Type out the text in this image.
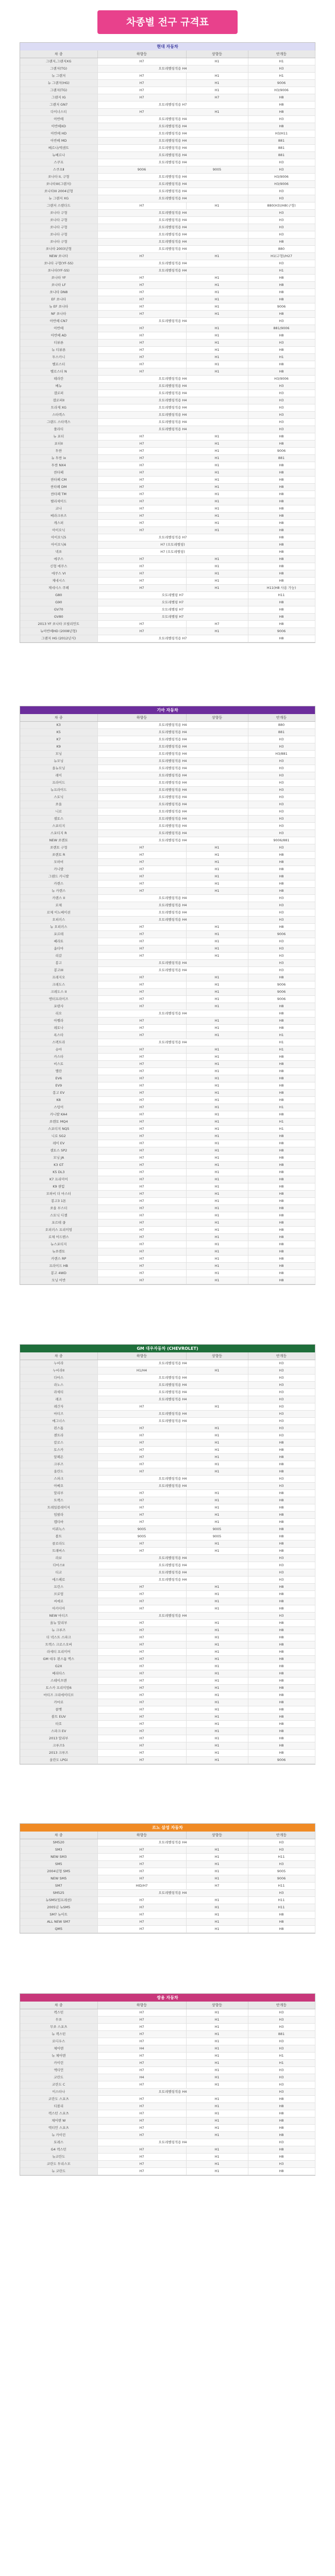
차종별 전구 규격표
현대 자동차
차 종	하향등	상향등	안개등
그랜저,그랜저XG	H7	H1	H1
그랜저(TG)	오토레벨링적용 H4		H3
뉴 그랜저	H7	H1	H1
뉴 그랜저(HG)	H7	H1	9006
그랜저(TG)	H7	H1	H3/9006
그랜저 IG	H7	H7	H8
그랜저 GN7	오토레벨링적용 H7		H8
다이너스티	H7	H1	H8
아반떼	오토레벨링적용 H4		H3
아반떼XD	오토레벨링적용 H4		H8
아반떼 HD	오토레벨링적용 H4		H3/H11
아반떼 MD	오토레벨링적용 H4		881
베르나/엑센트	오토레벨링적용 H4		881
뉴베르나	오토레벨링적용 H4		881
스쿠프	오토레벨링적용 H4		H3
스쿠프Ⅱ	9006	9005	H3
쏘나타 II, 구형	오토레벨링적용 H4		H3/9006
쏘나타III(그랜저)	오토레벨링적용 H4		H3/9006
쏘나타III 2004년형	오토레벨링적용 H4		H3
뉴 그랜저 XG	오토레벨링적용 H4		H3
그랜저 스탠다드	H7	H1	880(H3)/H8(구형)
쏘나타 구형	오토레벨링적용 H4		H3
쏘나타 구형	오토레벨링적용 H4		H3
쏘나타 구형	오토레벨링적용 H4		H3
쏘나타 구형	오토레벨링적용 H4		H3
쏘나타 구형	오토레벨링적용 H4		H8
쏘나타 2003년형	오토레벨링적용 H4		880
NEW 쏘나타	H7	H1	H1(구형)/H27
쏘나타 구형(YF-SS)	오토레벨링적용 H4		H3
쏘나타(YF-SS)	오토레벨링적용 H4		H1
쏘나타 YF	H7	H1	H8
쏘나타 LF	H7	H1	H8
쏘나타 DN8	H7	H1	H8
EF 쏘나타	H7	H1	H8
뉴 EF 쏘나타	H7	H1	9006
NF 쏘나타	H7	H1	H8
아반떼 CN7	오토레벨링적용 H4		H3
아반떼	H7	H1	881/9006
아반떼 AD	H7	H1	H8
티뷰론	H7	H1	H3
뉴 티뷰론	H7	H1	H8
투스카니	H7	H1	H1
벨로스터	H7	H1	H8
벨로스터 N	H7	H1	H8
테라칸	오토레벨링적용 H4		H3/9006
베뉴	오토레벨링적용 H4		H3
갤로퍼	오토레벨링적용 H4		H3
갤로퍼II	오토레벨링적용 H4		H3
트라제 XG	오토레벨링적용 H4		H3
스타렉스	오토레벨링적용 H4		H3
그랜드 스타렉스	오토레벨링적용 H4		H3
쏠라티	오토레벨링적용 H4		H3
뉴 포터	H7	H1	H8
포터II	H7	H1	H8
투싼	H7	H1	9006
뉴 투싼 ix	H7	H1	881
투싼 NX4	H7	H1	H8
싼타페	H7	H1	H8
싼타페 CM	H7	H1	H8
싼타페 DM	H7	H1	H8
싼타페 TM	H7	H1	H8
팰리세이드	H7	H1	H8
코나	H7	H1	H8
베라크루즈	H7	H1	H8
캐스퍼	H7	H1	H8
아이오닉	H7	H1	H8
아이오닉5	오토레벨링적용 H7		H8
아이오닉6	H7 (오토레벨링)		H8
넥쏘	H7 (오토레벨링)		H8
에쿠스	H7	H1	H8
신형 에쿠스	H7	H1	H8
에쿠스 VI	H7	H1	H8
제네시스	H7	H1	H8
제네시스 쿠페	H7	H1	H11(H8 사용 가능)
G80	오토레벨링 H7		H11
G90	오토레벨링 H7		H8
GV70	오토레벨링 H7		H8
GV80	오토레벨링 H7		H8
2013 YF 쏘나타 브릴리언트	H7	H7	H8
뉴아반떼HD (2008년형)	H7	H1	9006
그랜저 HG (2012년식)	오토레벨링적용 H7		H8
기아 자동차
차 종	하향등	상향등	안개등
K3	오토레벨링적용 H4		880
K5	오토레벨링적용 H4		881
K7	오토레벨링적용 H4		H3
K9	오토레벨링적용 H4		H3
모닝	오토레벨링적용 H4		H3/881
뉴모닝	오토레벨링적용 H4		H3
올뉴모닝	오토레벨링적용 H4		H3
레이	오토레벨링적용 H4		H3
프라이드	오토레벨링적용 H4		H3
뉴프라이드	오토레벨링적용 H4		H3
스토닉	오토레벨링적용 H4		H3
쏘울	오토레벨링적용 H4		H3
니로	오토레벨링적용 H4		H3
셀토스	오토레벨링적용 H4		H3
스포티지	오토레벨링적용 H4		H3
스포티지 R	오토레벨링적용 H4		H3
NEW 쏘렌토	오토레벨링적용 H4		9006/881
쏘렌토 구형	H7	H1	H3
쏘렌토 R	H7	H1	H8
모하비	H7	H1	H8
카니발	H7	H1	H8
그랜드 카니발	H7	H1	H8
카렌스	H7	H1	H8
뉴 카렌스	H7	H1	H8
카렌스 II	오토레벨링적용 H4		H3
로체	오토레벨링적용 H4		H3
로체 이노베이션	오토레벨링적용 H4		H3
오피러스	오토레벨링적용 H4		H3
뉴 오피러스	H7	H1	H8
포르테	H7	H1	9006
쎄라토	H7	H1	H3
옵티마	H7	H1	H3
리갈	H7	H1	H3
봉고	오토레벨링적용 H4		H3
봉고III	오토레벨링적용 H4		H3
프레지오	H7	H1	H8
크레도스	H7	H1	9006
크레도스 II	H7	H1	9006
엔터프라이즈	H7	H1	9006
포텐샤	H7	H1	H8
리오	오토레벨링적용 H4		H8
아벨라	H7	H1	H8
레토나	H7	H1	H8
록스타	H7	H1	H1
스펙트라	오토레벨링적용 H4		H1
슈마	H7	H1	H1
카스타	H7	H1	H8
비스토	H7	H1	H8
엘란	H7	H1	H8
EV6	H7	H1	H8
EV9	H7	H1	H8
봉고 EV	H7	H1	H8
K8	H7	H1	H8
스팅어	H7	H1	H1
카니발 KA4	H7	H1	H8
쏘렌토 MQ4	H7	H1	H1
스포티지 NQ5	H7	H1	H1
니로 SG2	H7	H1	H8
레이 EV	H7	H1	H8
셀토스 SP2	H7	H1	H8
모닝 JA	H7	H1	H8
K3 GT	H7	H1	H8
K5 DL3	H7	H1	H8
K7 프리미어	H7	H1	H8
K9 퀀텀	H7	H1	H8
모하비 더 마스터	H7	H1	H8
봉고3 1톤	H7	H1	H8
쏘울 부스터	H7	H1	H8
스토닉 디젤	H7	H1	H8
포르테 쿱	H7	H1	H8
오피러스 프리미엄	H7	H1	H8
로체 어드밴스	H7	H1	H8
뉴스포티지	H7	H1	H8
뉴쏘렌토	H7	H1	H8
카렌스 RP	H7	H1	H8
프라이드 HB	H7	H1	H8
봉고 4WD	H7	H1	H8
모닝 어반	H7	H1	H8
GM 대우자동차 (CHEVROLET)
차 종	하향등	상향등	안개등
누비라	오토레벨링적용 H4		H3
누비라II	H1/H4	H1	H3
다마스	오토레벨링적용 H4		H3
라노스	오토레벨링적용 H4		H3
라세티	오토레벨링적용 H4		H3
레조	오토레벨링적용 H4		H3
레간자	H7	H1	H3
마티즈	오토레벨링적용 H4		H3
매그너스	오토레벨링적용 H4		H3
윈스톰	H7	H1	H3
젠트라	H7	H1	H3
칼로스	H7	H1	H8
토스카	H7	H1	H8
알페온	H7	H1	H8
크루즈	H7	H1	H8
올란도	H7	H1	H8
스파크	오토레벨링적용 H4		H3
아베오	오토레벨링적용 H4		H3
말리부	H7	H1	H8
트랙스	H7	H1	H8
트레일블레이저	H7	H1	H8
임팔라	H7	H1	H8
캡티바	H7	H1	H8
이쿼녹스	9005	9005	H8
볼트	9005	9005	H8
콜로라도	H7	H1	H8
트래버스	H7	H1	H8
라보	오토레벨링적용 H4		H3
다마스II	오토레벨링적용 H4		H3
티코	오토레벨링적용 H4		H3
에스페로	오토레벨링적용 H4		H3
프린스	H7	H1	H8
브로엄	H7	H1	H8
씨에로	H7	H1	H8
아카디아	H7	H1	H8
NEW 마티즈	오토레벨링적용 H4		H3
올뉴 말리부	H7	H1	H8
뉴 크루즈	H7	H1	H8
더 넥스트 스파크	H7	H1	H8
트랙스 크로스오버	H7	H1	H8
라세티 프리미어	H7	H1	H8
GM 대우 윈스톰 맥스	H7	H1	H8
G2X	H7	H1	H8
베리타스	H7	H1	H8
스테이츠맨	H7	H1	H8
토스카 프리미엄6	H7	H1	H8
마티즈 크리에이티브	H7	H1	H8
카마로	H7	H1	H8
콜벳	H7	H1	H8
볼트 EUV	H7	H1	H8
타호	H7	H1	H8
스파크 EV	H7	H1	H8
2013 말리부	H7	H1	H8
크루즈5	H7	H1	H8
2013 크루즈	H7	H1	H8
올란도 LPGi	H7	H1	9006
르노 삼성 자동차
차 종	하향등	상향등	안개등
SM520	오토레벨링적용 H4		H3
SM3	H7	H1	H3
NEW SM3	H7	H1	H11
SM5	H7	H1	H3
2004년형 SM5	H7	H1	9005
NEW SM5	H7	H1	9006
SM7	HID/H7	H7	H11
SM525	오토레벨링적용 H4		H3
뉴SM5(임프레션)	H7	H1	H11
2005년 뉴SM5	H7	H1	H11
SM7 뉴아트	H7	H1	H8
ALL NEW SM7	H7	H1	H8
QM5	H7	H1	H8
쌍용 자동차
차 종	하향등	상향등	안개등
렉스턴	H7	H1	H3
무쏘	H7	H1	H3
무쏘 스포츠	H7	H1	H3
뉴 렉스턴	H7	H1	881
로디우스	H7	H1	H3
체어맨	H4	H1	H3
뉴 체어맨	H7	H1	H1
카이런	H7	H1	H1
액티언	H7	H1	H3
코란도	H4	H1	H3
코란도 C	H7	H1	H3
이스타나	오토레벨링적용 H4		H3
코란도 스포츠	H7	H1	H8
티볼리	H7	H1	H8
렉스턴 스포츠	H7	H1	H8
체어맨 W	H7	H1	H8
액티언 스포츠	H7	H1	H8
뉴 카이런	H7	H1	H8
토레스	오토레벨링적용 H4		H3
G4 렉스턴	H7	H1	H8
뉴코란도	H7	H1	H8
코란도 투리스모	H7	H1	H3
뉴 코란도	H7	H1	H8
